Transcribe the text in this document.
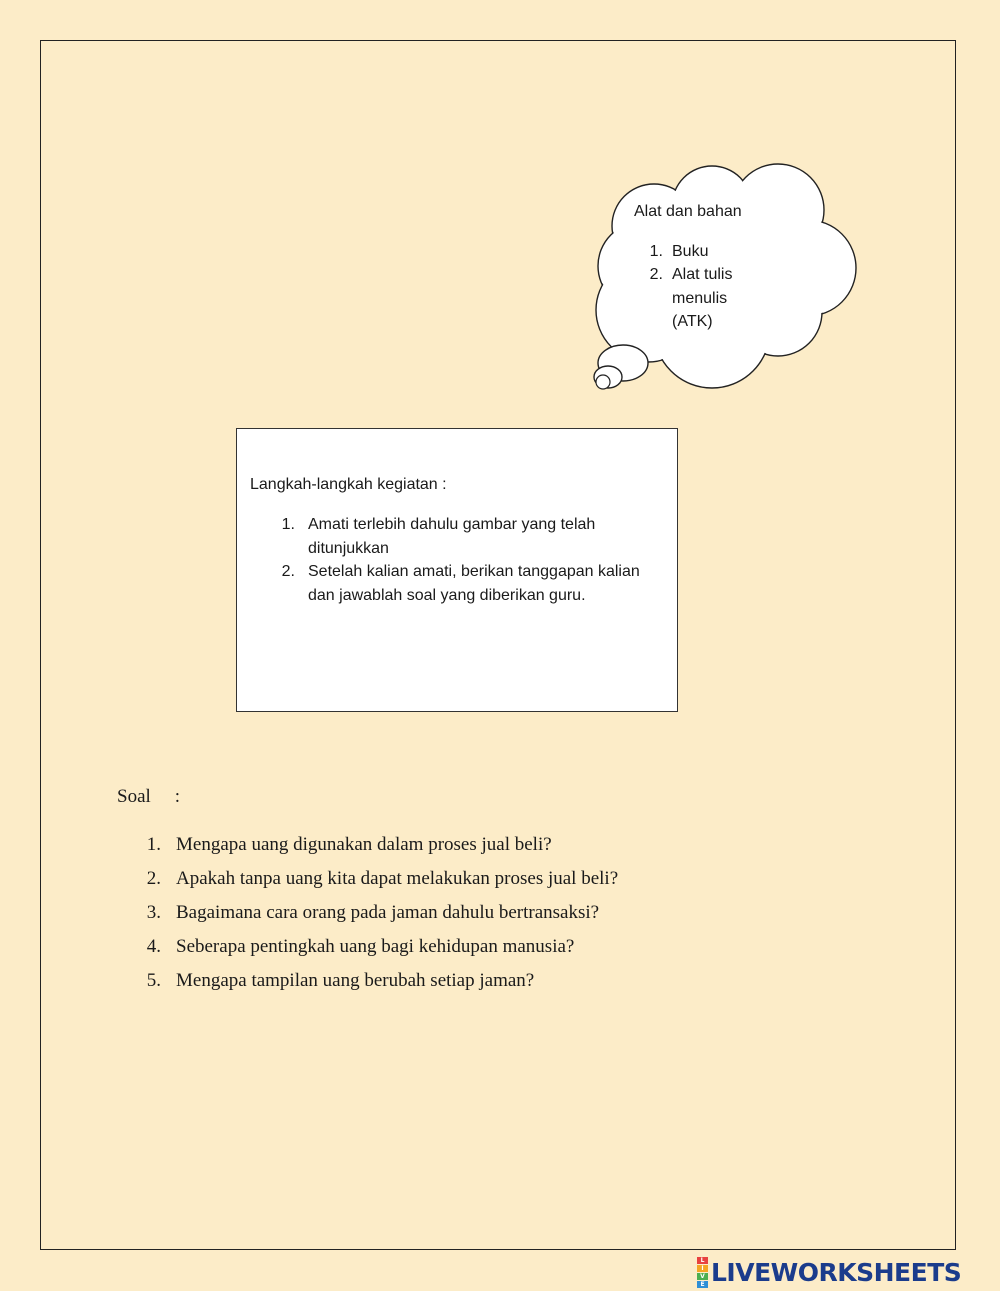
Alat dan bahan

1. Buku
2. Alat tulis menulis (ATK)
Langkah-langkah kegiatan :
1. Amati terlebih dahulu gambar yang telah ditunjukkan
2. Setelah kalian amati, berikan tanggapan kalian dan jawablah soal yang diberikan guru.
Soal :
1. Mengapa uang digunakan dalam proses jual beli?
2. Apakah tanpa uang kita dapat melakukan proses jual beli?
3. Bagaimana cara orang pada jaman dahulu bertransaksi?
4. Seberapa pentingkah uang bagi kehidupan manusia?
5. Mengapa tampilan uang berubah setiap jaman?
L
I
V
E LIVEWORKSHEETS
